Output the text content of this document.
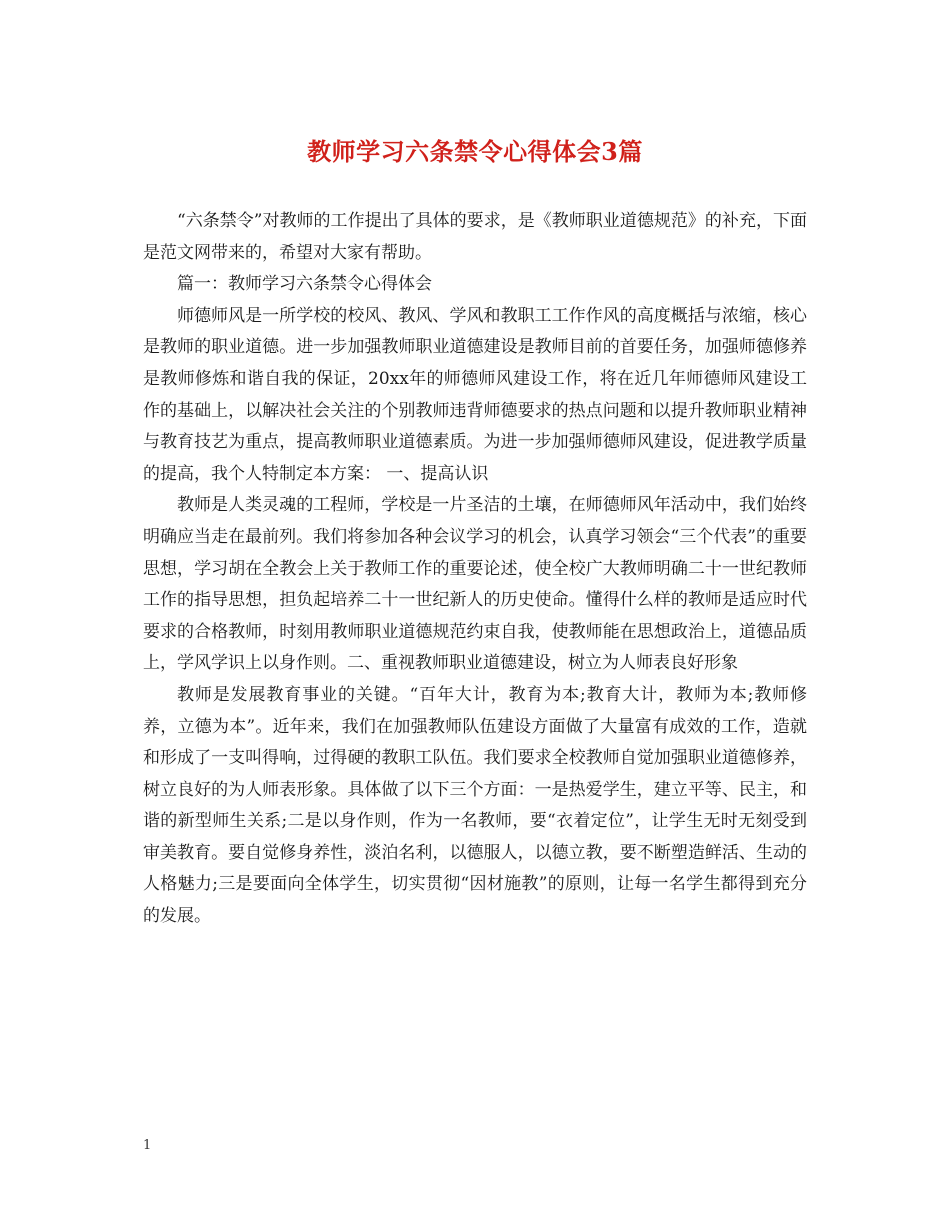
教师学习六条禁令心得体会3篇

“六条禁令”对教师的工作提出了具体的要求，是《教师职业道德规范》的补充，下面是范文网带来的，希望对大家有帮助。

篇一：教师学习六条禁令心得体会

师德师风是一所学校的校风、教风、学风和教职工工作作风的高度概括与浓缩，核心是教师的职业道德。进一步加强教师职业道德建设是教师目前的首要任务，加强师德修养是教师修炼和谐自我的保证，20xx年的师德师风建设工作，将在近几年师德师风建设工作的基础上，以解决社会关注的个别教师违背师德要求的热点问题和以提升教师职业精神与教育技艺为重点，提高教师职业道德素质。为进一步加强师德师风建设，促进教学质量的提高，我个人特制定本方案： 一、提高认识

教师是人类灵魂的工程师，学校是一片圣洁的土壤，在师德师风年活动中，我们始终明确应当走在最前列。我们将参加各种会议学习的机会，认真学习领会“三个代表”的重要思想，学习胡在全教会上关于教师工作的重要论述，使全校广大教师明确二十一世纪教师工作的指导思想，担负起培养二十一世纪新人的历史使命。懂得什么样的教师是适应时代要求的合格教师，时刻用教师职业道德规范约束自我，使教师能在思想政治上，道德品质上，学风学识上以身作则。二、重视教师职业道德建设，树立为人师表良好形象

教师是发展教育事业的关键。“百年大计，教育为本;教育大计，教师为本;教师修养，立德为本”。近年来，我们在加强教师队伍建设方面做了大量富有成效的工作，造就和形成了一支叫得响，过得硬的教职工队伍。我们要求全校教师自觉加强职业道德修养，树立良好的为人师表形象。具体做了以下三个方面：一是热爱学生，建立平等、民主，和谐的新型师生关系;二是以身作则，作为一名教师，要“衣着定位”，让学生无时无刻受到审美教育。要自觉修身养性，淡泊名利，以德服人，以德立教，要不断塑造鲜活、生动的人格魅力;三是要面向全体学生，切实贯彻“因材施教”的原则，让每一名学生都得到充分的发展。

1
